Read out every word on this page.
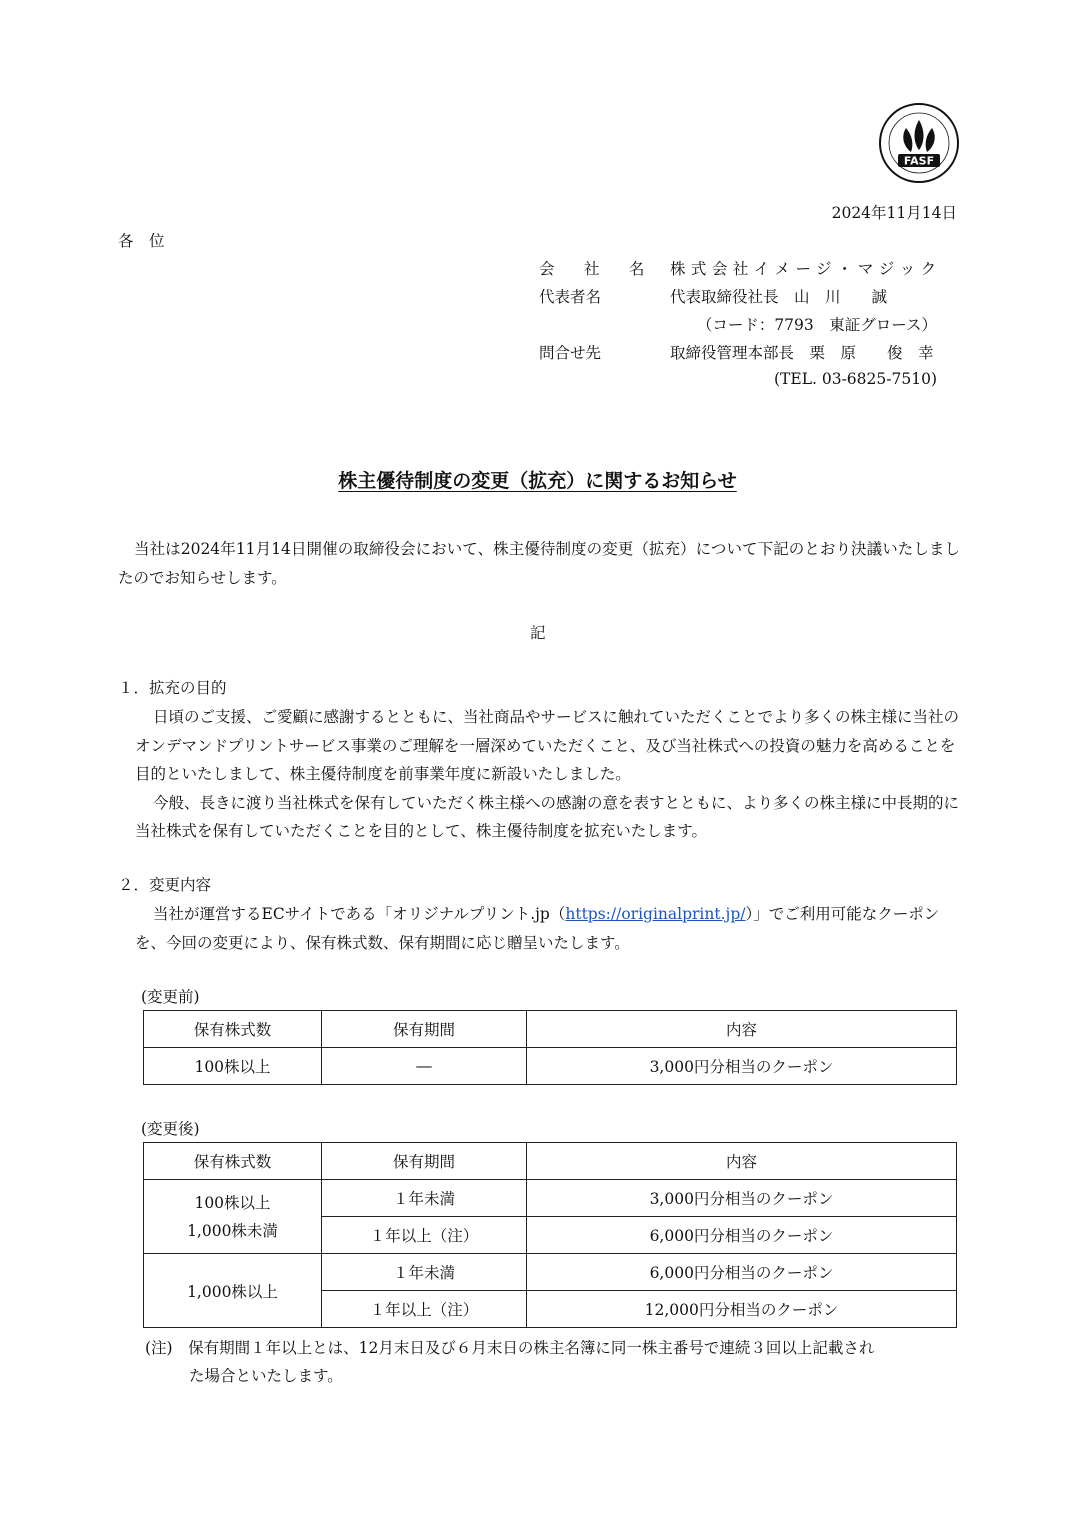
FASF
2024年11月14日
各　位
会　社　名 株式会社イメージ・マジック
代表者名	代表取締役社長　山　川　　誠
（コード：7793　東証グロース）
問合せ先	取締役管理本部長　栗　原　　俊　幸
(TEL. 03-6825-7510)
株主優待制度の変更（拡充）に関するお知らせ
当社は2024年11月14日開催の取締役会において、株主優待制度の変更（拡充）について下記のとおり決議いたしましたのでお知らせします。
記
１．拡充の目的

日頃のご支援、ご愛顧に感謝するとともに、当社商品やサービスに触れていただくことでより多くの株主様に当社のオンデマンドプリントサービス事業のご理解を一層深めていただくこと、及び当社株式への投資の魅力を高めることを目的といたしまして、株主優待制度を前事業年度に新設いたしました。

今般、長きに渡り当社株式を保有していただく株主様への感謝の意を表すとともに、より多くの株主様に中長期的に当社株式を保有していただくことを目的として、株主優待制度を拡充いたします。

２．変更内容

当社が運営するECサイトである「オリジナルプリント.jp（https://originalprint.jp/）」でご利用可能なクーポンを、今回の変更により、保有株式数、保有期間に応じ贈呈いたします。

(変更前)
保有株式数	保有期間	内容
100株以上	―	3,000円分相当のクーポン
(変更後)
保有株式数	保有期間	内容

100株以上
1,000株未満	１年未満	3,000円分相当のクーポン
	１年以上（注）	6,000円分相当のクーポン
1,000株以上	１年未満	6,000円分相当のクーポン
	１年以上（注）	12,000円分相当のクーポン
(注)　保有期間１年以上とは、12月末日及び６月末日の株主名簿に同一株主番号で連続３回以上記載され
た場合といたします。
